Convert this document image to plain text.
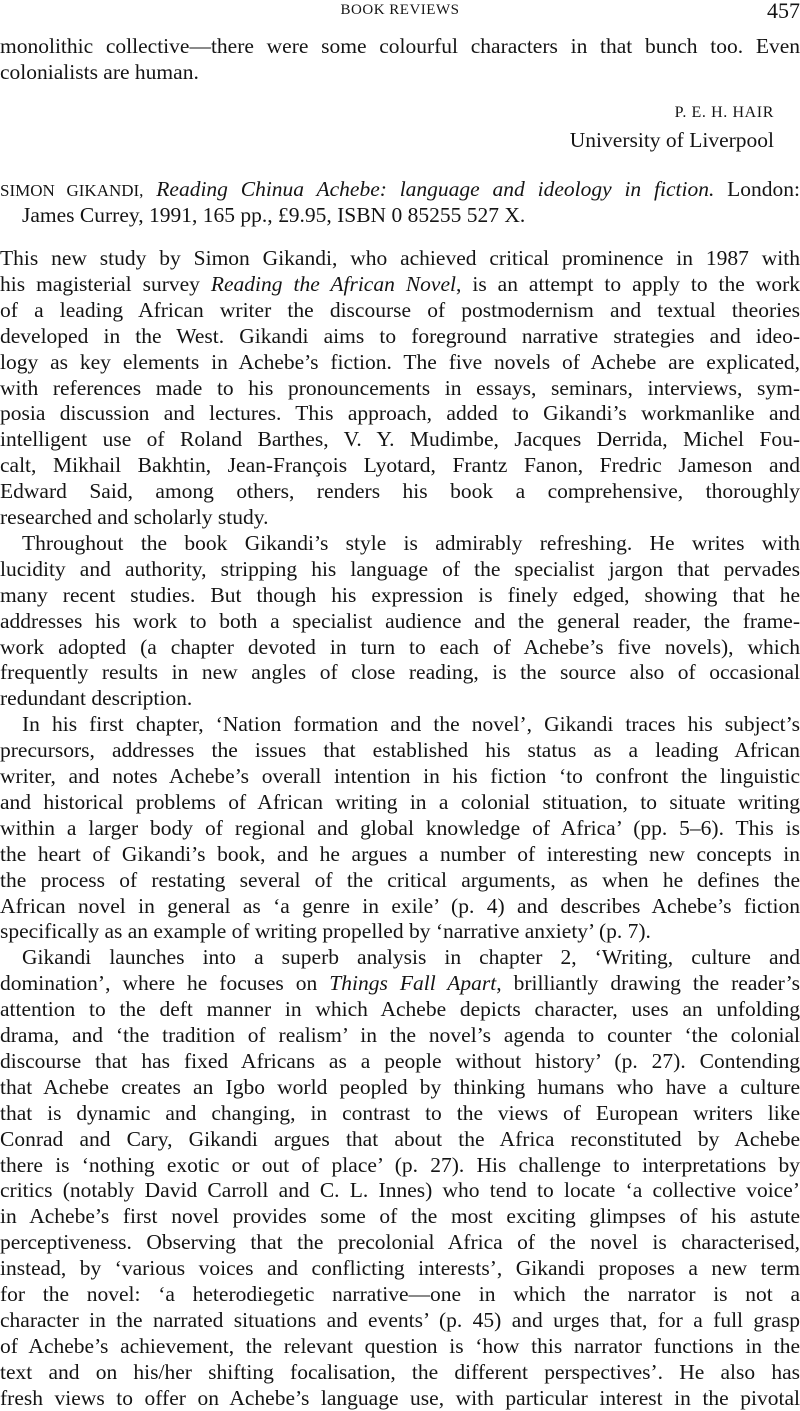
BOOK REVIEWS	457
monolithic collective—there were some colourful characters in that bunch too. Even
colonialists are human.
P. E. H. HAIR
University of Liverpool
SIMON GIKANDI, Reading Chinua Achebe: language and ideology in fiction. London:
James Currey, 1991, 165 pp., £9.95, ISBN 0 85255 527 X.
This new study by Simon Gikandi, who achieved critical prominence in 1987 with
his magisterial survey Reading the African Novel, is an attempt to apply to the work
of a leading African writer the discourse of postmodernism and textual theories
developed in the West. Gikandi aims to foreground narrative strategies and ideo-
logy as key elements in Achebe’s fiction. The five novels of Achebe are explicated,
with references made to his pronouncements in essays, seminars, interviews, sym-
posia discussion and lectures. This approach, added to Gikandi’s workmanlike and
intelligent use of Roland Barthes, V. Y. Mudimbe, Jacques Derrida, Michel Fou-
calt, Mikhail Bakhtin, Jean-François Lyotard, Frantz Fanon, Fredric Jameson and
Edward Said, among others, renders his book a comprehensive, thoroughly
researched and scholarly study.
Throughout the book Gikandi’s style is admirably refreshing. He writes with
lucidity and authority, stripping his language of the specialist jargon that pervades
many recent studies. But though his expression is finely edged, showing that he
addresses his work to both a specialist audience and the general reader, the frame-
work adopted (a chapter devoted in turn to each of Achebe’s five novels), which
frequently results in new angles of close reading, is the source also of occasional
redundant description.
In his first chapter, ‘Nation formation and the novel’, Gikandi traces his subject’s
precursors, addresses the issues that established his status as a leading African
writer, and notes Achebe’s overall intention in his fiction ‘to confront the linguistic
and historical problems of African writing in a colonial stituation, to situate writing
within a larger body of regional and global knowledge of Africa’ (pp. 5–6). This is
the heart of Gikandi’s book, and he argues a number of interesting new concepts in
the process of restating several of the critical arguments, as when he defines the
African novel in general as ‘a genre in exile’ (p. 4) and describes Achebe’s fiction
specifically as an example of writing propelled by ‘narrative anxiety’ (p. 7).
Gikandi launches into a superb analysis in chapter 2, ‘Writing, culture and
domination’, where he focuses on Things Fall Apart, brilliantly drawing the reader’s
attention to the deft manner in which Achebe depicts character, uses an unfolding
drama, and ‘the tradition of realism’ in the novel’s agenda to counter ‘the colonial
discourse that has fixed Africans as a people without history’ (p. 27). Contending
that Achebe creates an Igbo world peopled by thinking humans who have a culture
that is dynamic and changing, in contrast to the views of European writers like
Conrad and Cary, Gikandi argues that about the Africa reconstituted by Achebe
there is ‘nothing exotic or out of place’ (p. 27). His challenge to interpretations by
critics (notably David Carroll and C. L. Innes) who tend to locate ‘a collective voice’
in Achebe’s first novel provides some of the most exciting glimpses of his astute
perceptiveness. Observing that the precolonial Africa of the novel is characterised,
instead, by ‘various voices and conflicting interests’, Gikandi proposes a new term
for the novel: ‘a heterodiegetic narrative—one in which the narrator is not a
character in the narrated situations and events’ (p. 45) and urges that, for a full grasp
of Achebe’s achievement, the relevant question is ‘how this narrator functions in the
text and on his/her shifting focalisation, the different perspectives’. He also has
fresh views to offer on Achebe’s language use, with particular interest in the pivotal
